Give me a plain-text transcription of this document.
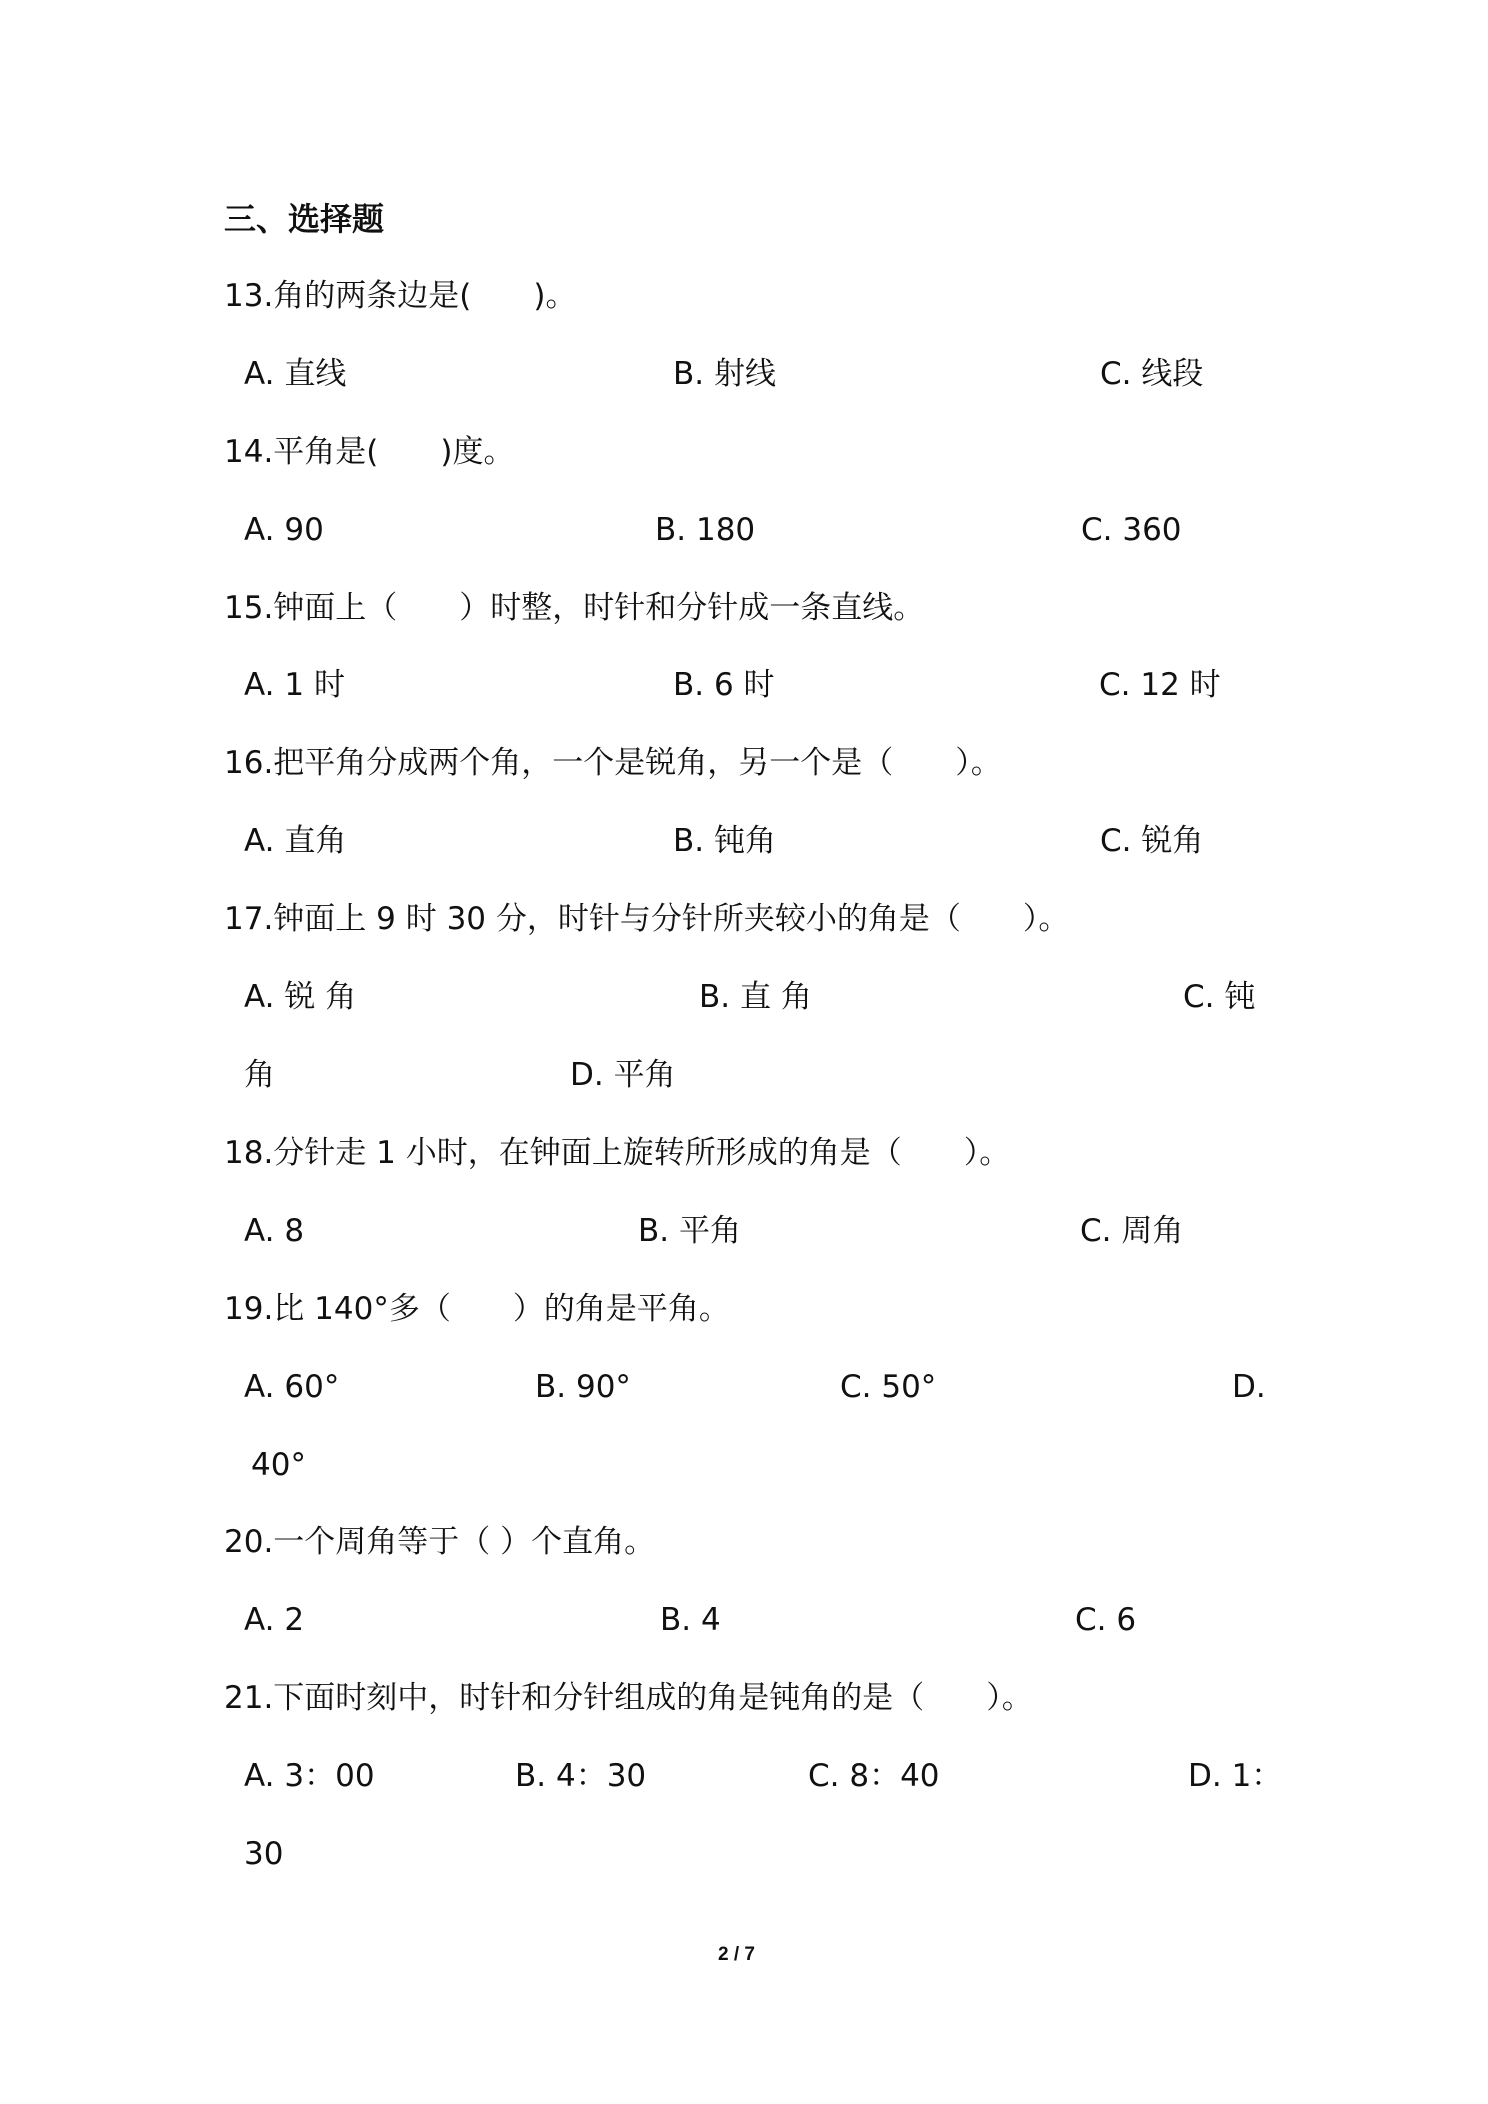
三、选择题
13.角的两条边是(　　)。
A. 直线	B. 射线	C. 线段
14.平角是(　　)度。
A. 90	B. 180	C. 360
15.钟面上（　　）时整，时针和分针成一条直线。
A. 1 时	B. 6 时	C. 12 时
16.把平角分成两个角，一个是锐角，另一个是（　　）。
A. 直角	B. 钝角	C. 锐角
17.钟面上 9 时 30 分，时针与分针所夹较小的角是（　　）。
A. 锐 角	B. 直 角	C. 钝
角	D. 平角
18.分针走 1 小时，在钟面上旋转所形成的角是（　　）。
A. 8	B. 平角	C. 周角
19.比 140°多（　　）的角是平角。
A. 60°	B. 90°	C. 50°	D.
40°
20.一个周角等于（ ）个直角。
A. 2	B. 4	C. 6
21.下面时刻中，时针和分针组成的角是钝角的是（　　）。
A. 3：00	B. 4：30	C. 8：40	D. 1：
30
2 / 7
